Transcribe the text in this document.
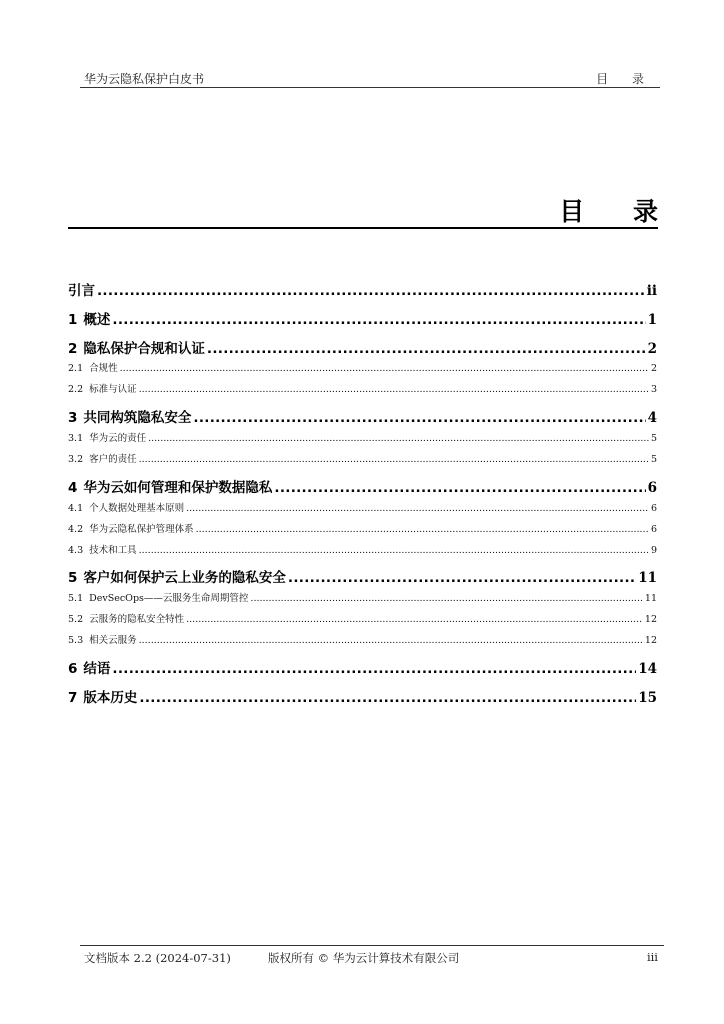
华为云隐私保护白皮书	目 录
目 录
引言 .....	ii
1 概述 .....	1
2 隐私保护合规和认证 .....	2
2.1 合规性 .....	2
2.2 标准与认证 .....	3
3 共同构筑隐私安全 .....	4
3.1 华为云的责任 .....	5
3.2 客户的责任 .....	5
4 华为云如何管理和保护数据隐私 .....	6
4.1 个人数据处理基本原则 .....	6
4.2 华为云隐私保护管理体系 .....	6
4.3 技术和工具 .....	9
5 客户如何保护云上业务的隐私安全 .....	11
5.1 DevSecOps——云服务生命周期管控 .....	11
5.2 云服务的隐私安全特性 .....	12
5.3 相关云服务 .....	12
6 结语 .....	14
7 版本历史 .....	15
文档版本 2.2 (2024-07-31)	版权所有 © 华为云计算技术有限公司	iii
